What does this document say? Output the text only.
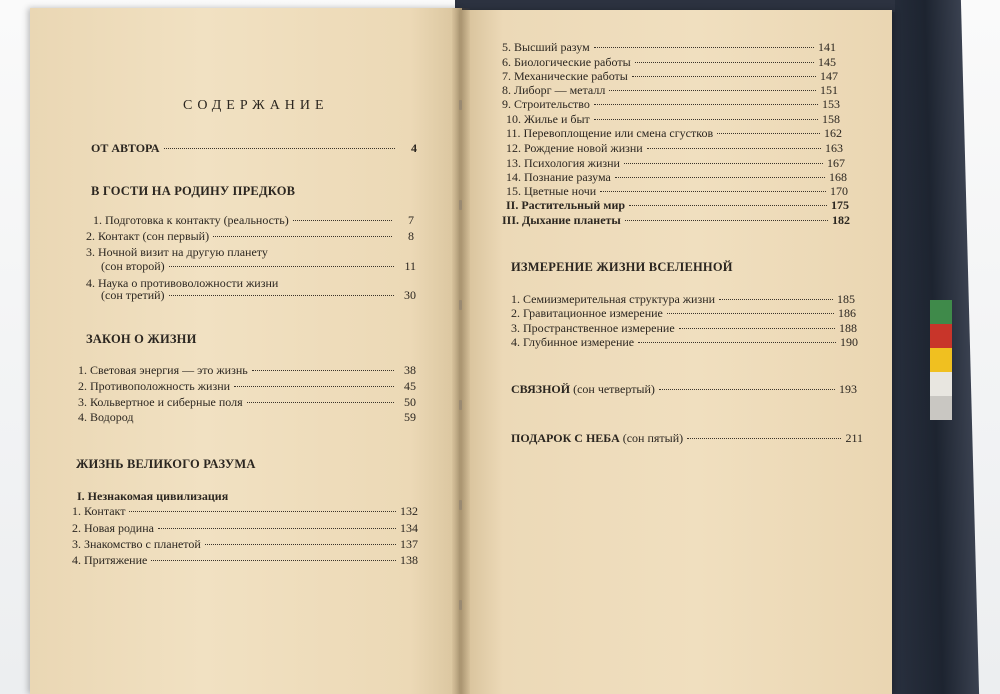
СОДЕРЖАНИЕ
ОТ АВТОРА	4
В ГОСТИ НА РОДИНУ ПРЕДКОВ
1. Подготовка к контакту (реальность)	7
2. Контакт (сон первый)	8
3. Ночной визит на другую планету
(сон второй)	11
4. Наука о противоволожности жизни
(сон третий)	30
ЗАКОН О ЖИЗНИ
1. Световая энергия — это жизнь	38
2. Противоположность жизни	45
3. Кольвертное и сиберные поля	50
4. Водород	59
ЖИЗНЬ ВЕЛИКОГО РАЗУМА
I. Незнакомая цивилизация
1. Контакт	132
2. Новая родина	134
3. Знакомство с планетой	137
4. Притяжение	138
5. Высший разум	141
6. Биологические работы	145
7. Механические работы	147
8. Либорг — металл	151
9. Строительство	153
10. Жилье и быт	158
11. Перевоплощение или смена сгустков	162
12. Рождение новой жизни	163
13. Психология жизни	167
14. Познание разума	168
15. Цветные ночи	170
II. Растительный мир	175
III. Дыхание планеты	182
ИЗМЕРЕНИЕ ЖИЗНИ ВСЕЛЕННОЙ
1. Семиизмерительная структура жизни	185
2. Гравитационное измерение	186
3. Пространственное измерение	188
4. Глубинное измерение	190
СВЯЗНОЙ (сон четвертый)	193
ПОДАРОК С НЕБА (сон пятый)	211
